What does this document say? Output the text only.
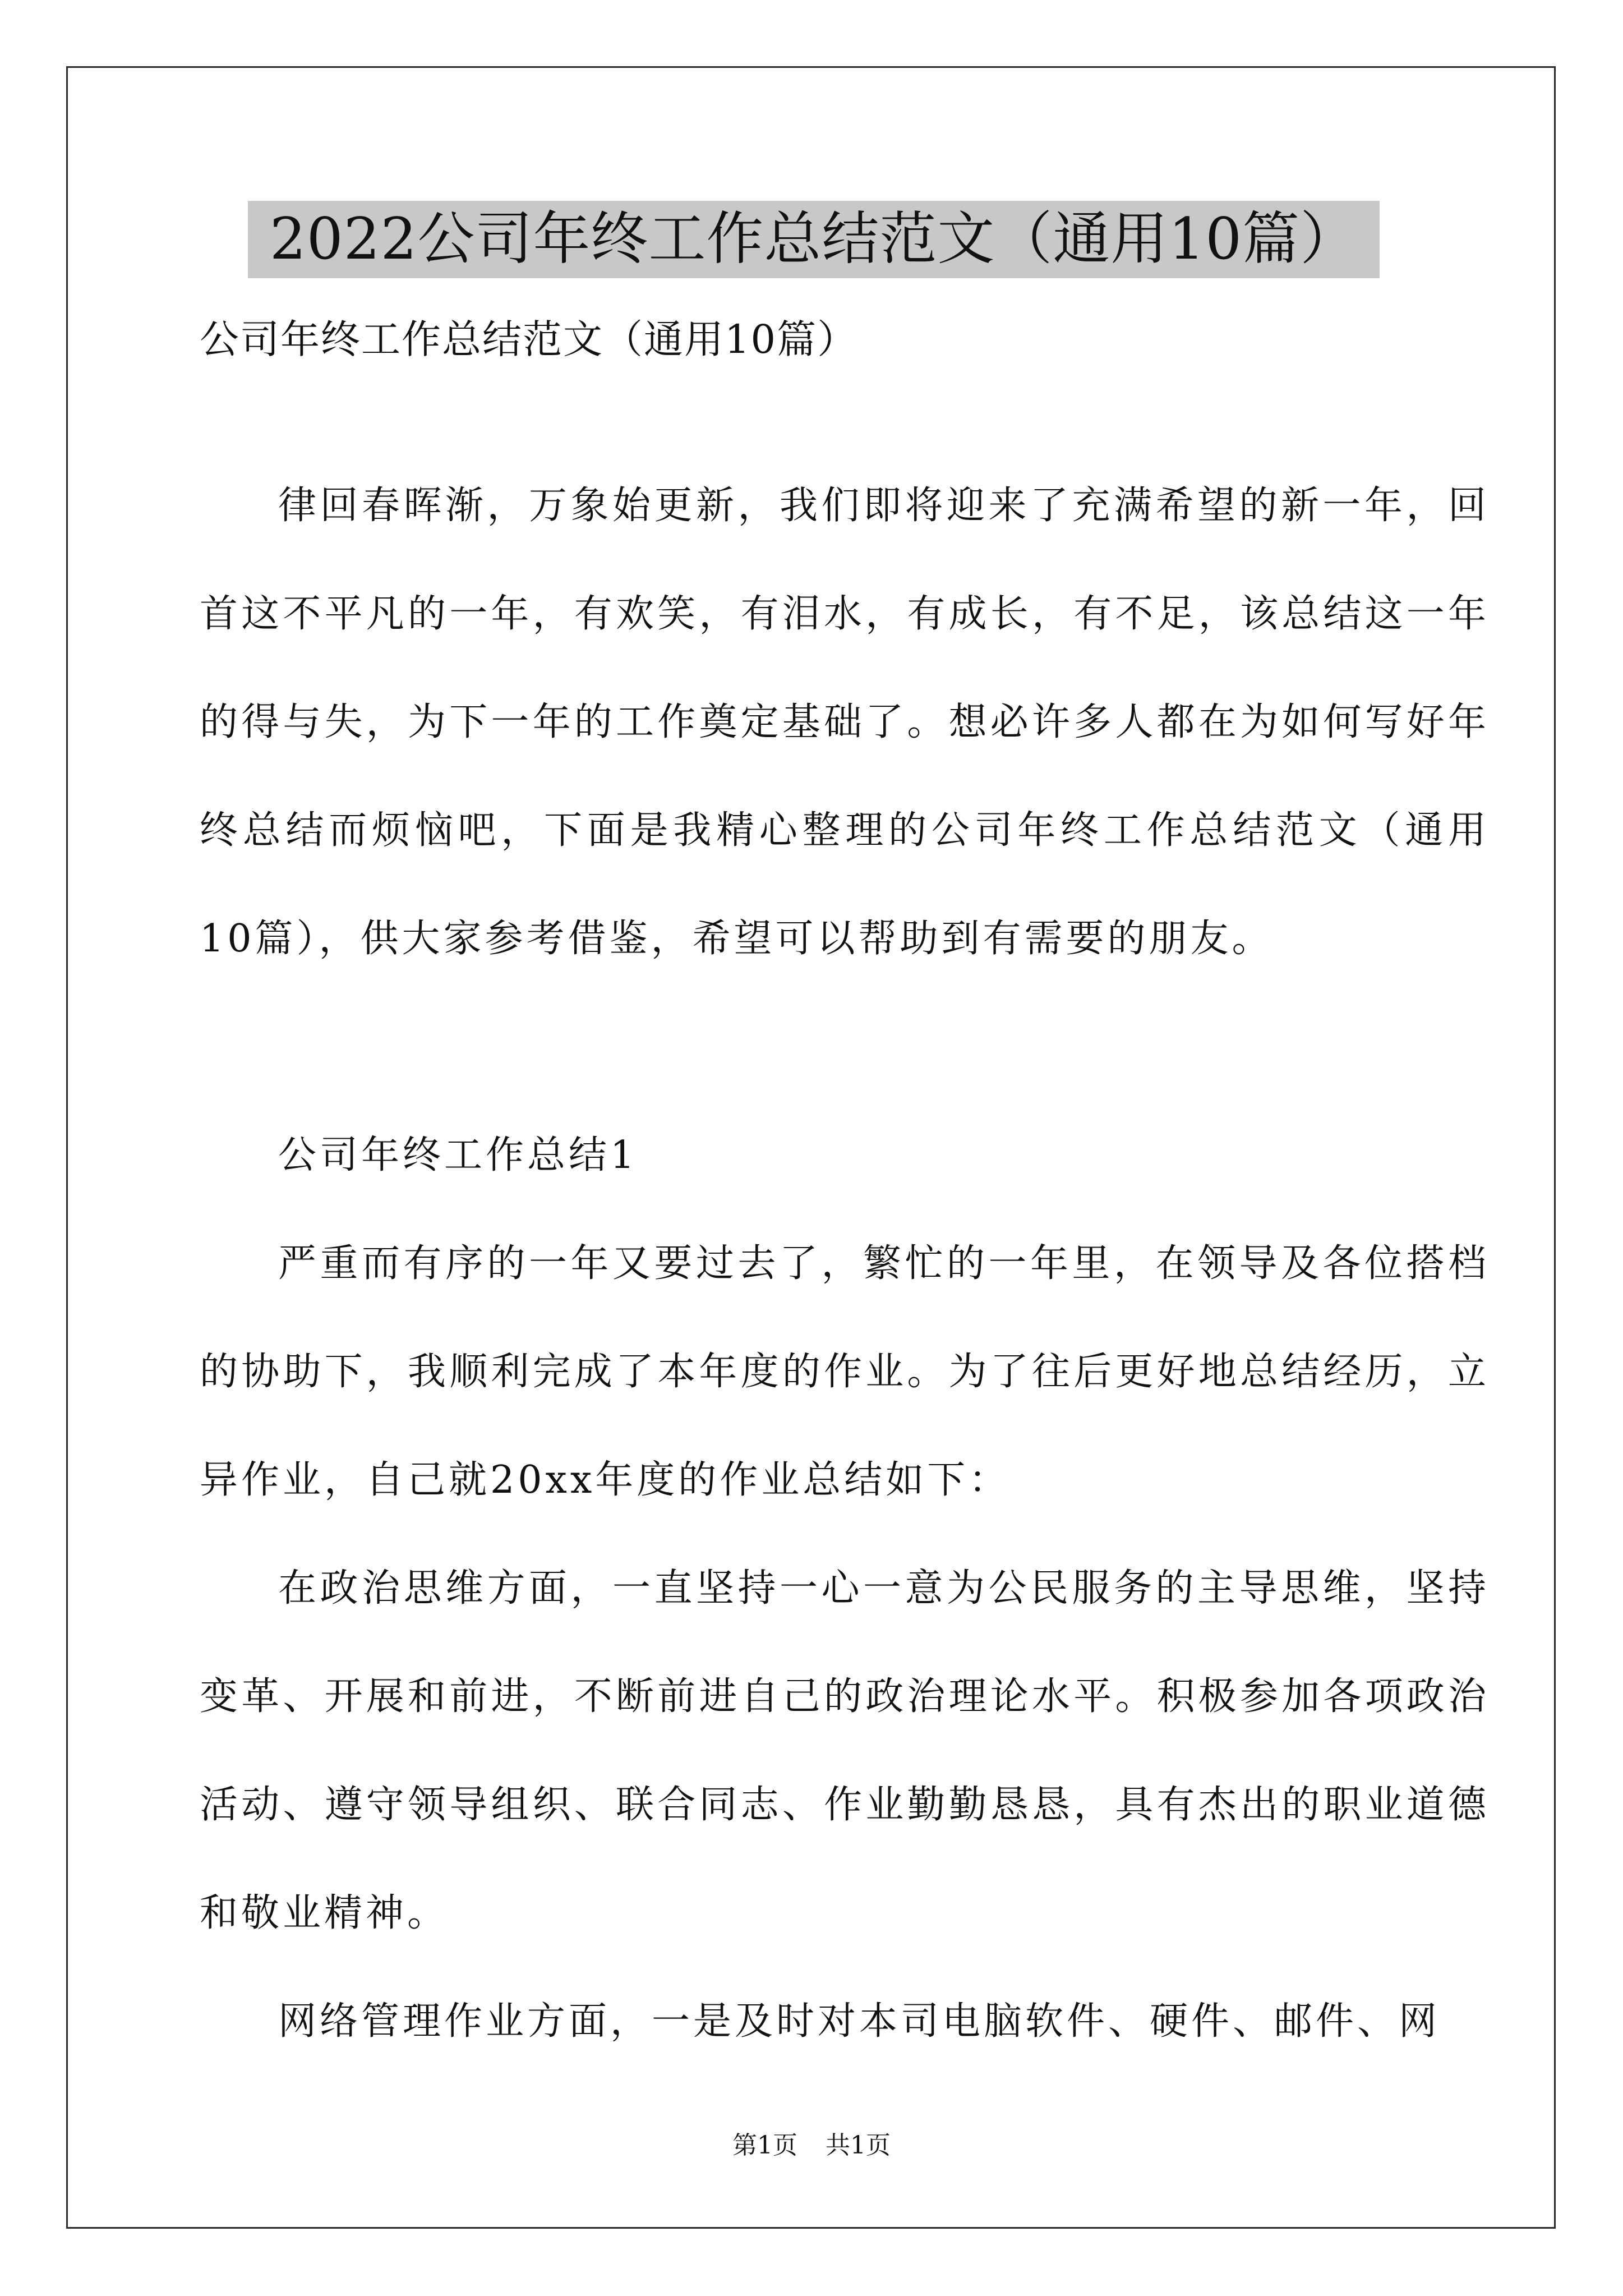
2022公司年终工作总结范文（通用10篇）
公司年终工作总结范文（通用10篇）

律回春晖渐，万象始更新，我们即将迎来了充满希望的新一年，回首这不平凡的一年，有欢笑，有泪水，有成长，有不足，该总结这一年的得与失，为下一年的工作奠定基础了。想必许多人都在为如何写好年终总结而烦恼吧，下面是我精心整理的公司年终工作总结范文（通用10篇），供大家参考借鉴，希望可以帮助到有需要的朋友。

公司年终工作总结1

严重而有序的一年又要过去了，繁忙的一年里，在领导及各位搭档的协助下，我顺利完成了本年度的作业。为了往后更好地总结经历，立异作业，自己就20xx年度的作业总结如下：

在政治思维方面，一直坚持一心一意为公民服务的主导思维，坚持变革、开展和前进，不断前进自己的政治理论水平。积极参加各项政治活动、遵守领导组织、联合同志、作业勤勤恳恳，具有杰出的职业道德和敬业精神。

网络管理作业方面，一是及时对本司电脑软件、硬件、邮件、网

第1页 共1页
